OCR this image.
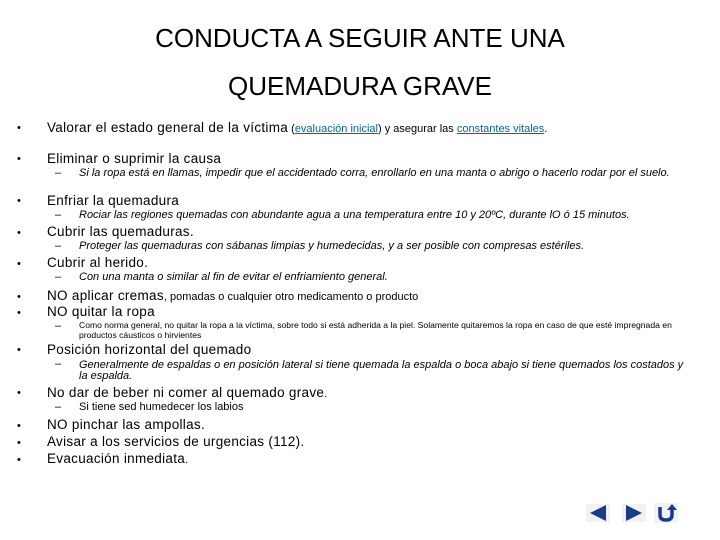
CONDUCTA A SEGUIR ANTE UNA
QUEMADURA GRAVE
• Valorar el estado general de la víctima (evaluación inicial) y asegurar las constantes vitales.
• Eliminar o suprimir la causa
– Si la ropa está en llamas, impedir que el accidentado corra, enrollarlo en una manta o abrigo o hacerlo rodar por el suelo.
• Enfriar la quemadura
– Rociar las regiones quemadas con abundante agua a una temperatura entre 10 y 20ºC, durante lO ó 15 minutos.
• Cubrir las quemaduras.
– Proteger las quemaduras con sábanas limpias y humedecidas, y a ser posible con compresas estériles.
• Cubrir al herido.
– Con una manta o similar al fin de evitar el enfriamiento general.
• NO aplicar cremas, pomadas o cualquier otro medicamento o producto
• NO quitar la ropa
– Como norma general, no quitar la ropa a la víctima, sobre todo si está adherida a la piel. Solamente quitaremos la ropa en caso de que esté impregnada en productos cáusticos o hirvientes
• Posición horizontal del quemado
– Generalmente de espaldas o en posición lateral si tiene quemada la espalda o boca abajo si tiene quemados los costados y la espalda.
• No dar de beber ni comer al quemado grave.
– Si tiene sed humedecer los labios
• NO pinchar las ampollas.
• Avisar a los servicios de urgencias (112).
• Evacuación inmediata.
